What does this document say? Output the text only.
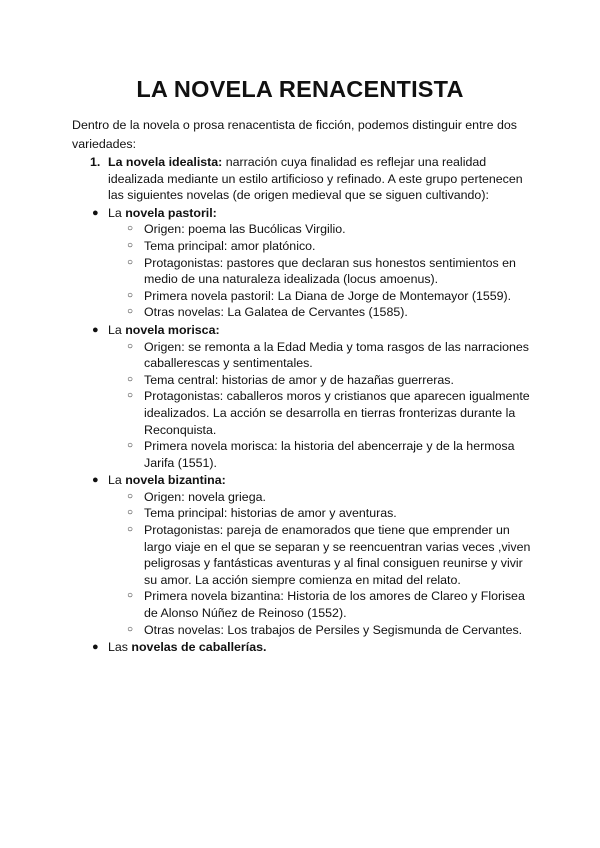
LA NOVELA RENACENTISTA

Dentro de la novela o prosa renacentista de ficción, podemos distinguir entre dos variedades:

1. La novela idealista: narración cuya finalidad es reflejar una realidad idealizada mediante un estilo artificioso y refinado. A este grupo pertenecen las siguientes novelas (de origen medieval que se siguen cultivando):
● La novela pastoril:
○ Origen: poema las Bucólicas Virgilio.
○ Tema principal: amor platónico.
○ Protagonistas: pastores que declaran sus honestos sentimientos en medio de una naturaleza idealizada (locus amoenus).
○ Primera novela pastoril: La Diana de Jorge de Montemayor (1559).
○ Otras novelas: La Galatea de Cervantes (1585).
● La novela morisca:
○ Origen: se remonta a la Edad Media y toma rasgos de las narraciones caballerescas y sentimentales.
○ Tema central: historias de amor y de hazañas guerreras.
○ Protagonistas: caballeros moros y cristianos que aparecen igualmente idealizados. La acción se desarrolla en tierras fronterizas durante la Reconquista.
○ Primera novela morisca: la historia del abencerraje y de la hermosa Jarifa (1551).
● La novela bizantina:
○ Origen: novela griega.
○ Tema principal: historias de amor y aventuras.
○ Protagonistas: pareja de enamorados que tiene que emprender un largo viaje en el que se separan y se reencuentran varias veces ,viven peligrosas y fantásticas aventuras y al final consiguen reunirse y vivir su amor. La acción siempre comienza en mitad del relato.
○ Primera novela bizantina: Historia de los amores de Clareo y Florisea de Alonso Núñez de Reinoso (1552).
○ Otras novelas: Los trabajos de Persiles y Segismunda de Cervantes.
● Las novelas de caballerías.
